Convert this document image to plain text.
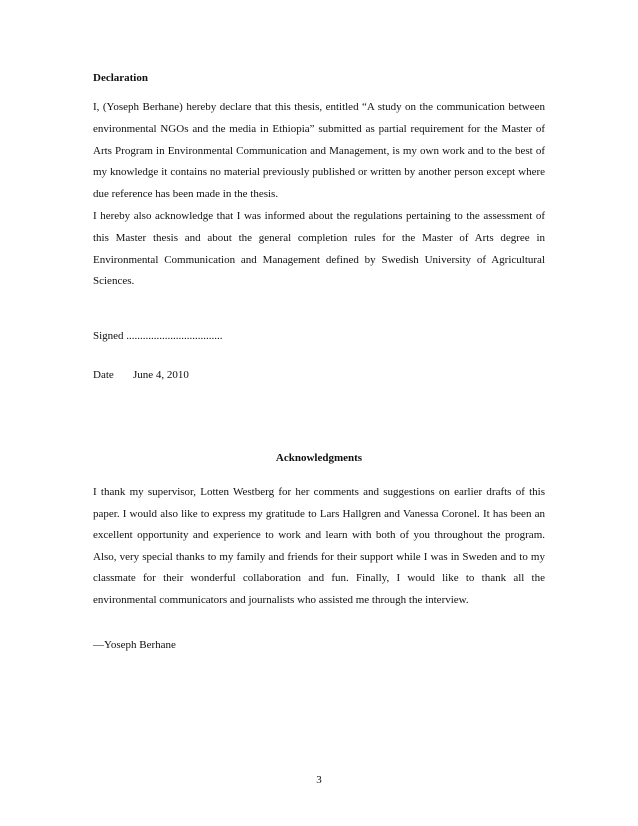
Declaration
I, (Yoseph Berhane) hereby declare that this thesis, entitled “A study on the communication between environmental NGOs and the media in Ethiopia” submitted as partial requirement for the Master of Arts Program in Environmental Communication and Management, is my own work and to the best of my knowledge it contains no material previously published or written by another person except where due reference has been made in the thesis.
I hereby also acknowledge that I was informed about the regulations pertaining to the assessment of this Master thesis and about the general completion rules for the Master of Arts degree in Environmental Communication and Management defined by Swedish University of Agricultural Sciences.
Signed ...................................
Date June 4, 2010
Acknowledgments
I thank my supervisor, Lotten Westberg for her comments and suggestions on earlier drafts of this paper. I would also like to express my gratitude to Lars Hallgren and Vanessa Coronel. It has been an excellent opportunity and experience to work and learn with both of you throughout the program. Also, very special thanks to my family and friends for their support while I was in Sweden and to my classmate for their wonderful collaboration and fun. Finally, I would like to thank all the environmental communicators and journalists who assisted me through the interview.
—Yoseph Berhane
3
